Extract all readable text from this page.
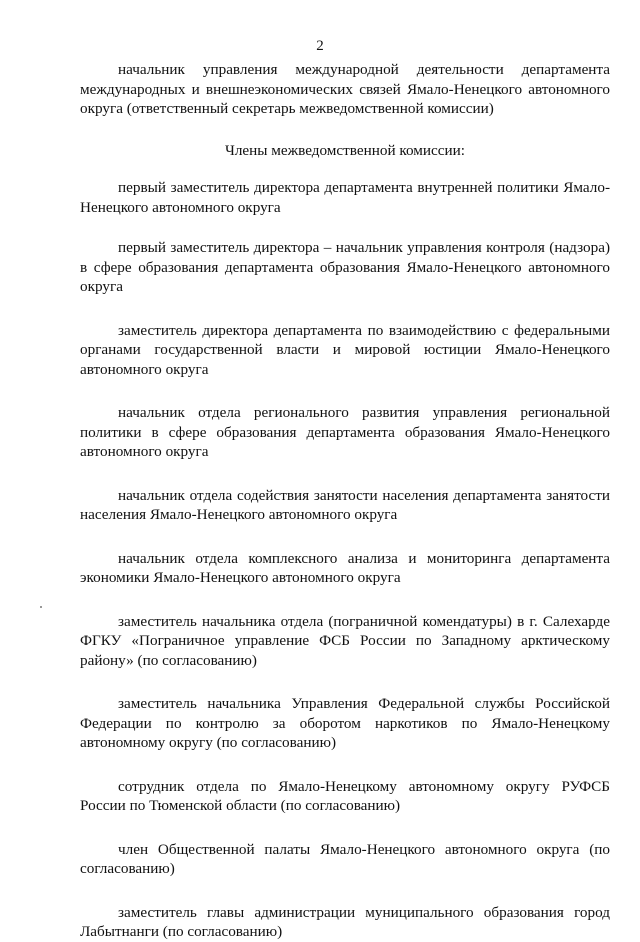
2

начальник управления международной деятельности департамента международных и внешнеэкономических связей Ямало-Ненецкого автономного округа (ответственный секретарь межведомственной комиссии)

Члены межведомственной комиссии:

первый заместитель директора департамента внутренней политики Ямало-Ненецкого автономного округа

первый заместитель директора – начальник управления контроля (надзора) в сфере образования департамента образования Ямало-Ненецкого автономного округа

заместитель директора департамента по взаимодействию с федеральными органами государственной власти и мировой юстиции Ямало-Ненецкого автономного округа

начальник отдела регионального развития управления региональной политики в сфере образования департамента образования Ямало-Ненецкого автономного округа

начальник отдела содействия занятости населения департамента занятости населения Ямало-Ненецкого автономного округа

начальник отдела комплексного анализа и мониторинга департамента экономики Ямало-Ненецкого автономного округа

заместитель начальника отдела (пограничной комендатуры) в г. Салехарде ФГКУ «Пограничное управление ФСБ России по Западному арктическому району» (по согласованию)

заместитель начальника Управления Федеральной службы Российской Федерации по контролю за оборотом наркотиков по Ямало-Ненецкому автономному округу (по согласованию)

сотрудник отдела по Ямало-Ненецкому автономному округу РУФСБ России по Тюменской области (по согласованию)

член Общественной палаты Ямало-Ненецкого автономного округа (по согласованию)

заместитель главы администрации муниципального образования город Лабытнанги (по согласованию)
